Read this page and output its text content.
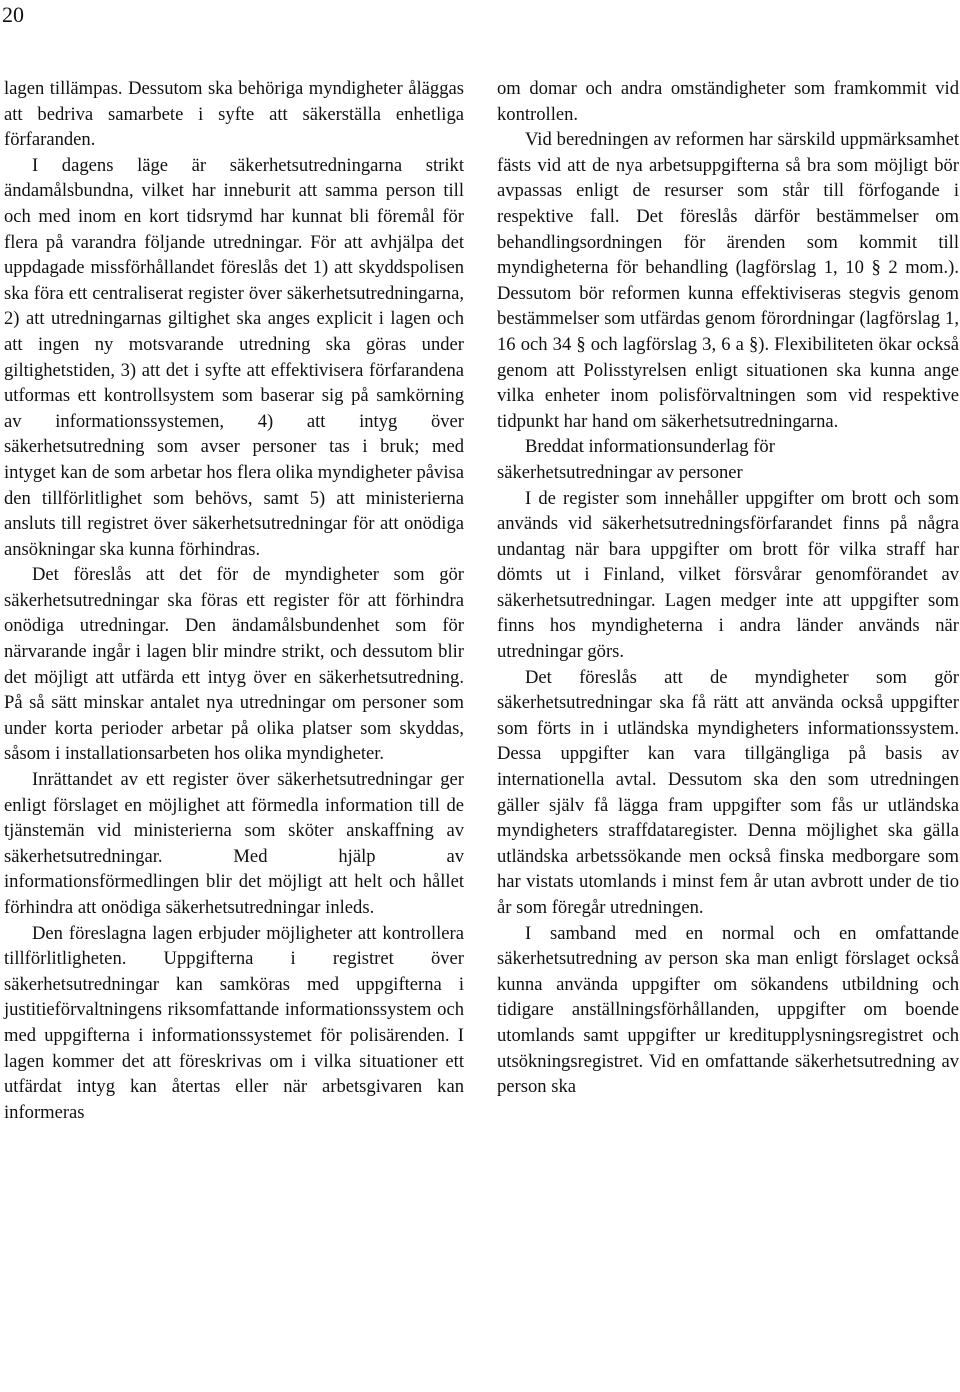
20

lagen tillämpas. Dessutom ska behöriga myndigheter åläggas att bedriva samarbete i syfte att säkerställa enhetliga förfaranden.

I dagens läge är säkerhetsutredningarna strikt ändamålsbundna, vilket har inneburit att samma person till och med inom en kort tidsrymd har kunnat bli föremål för flera på varandra följande utredningar. För att avhjälpa det uppdagade missförhållandet föreslås det 1) att skyddspolisen ska föra ett centraliserat register över säkerhetsutredningarna, 2) att utredningarnas giltighet ska anges explicit i lagen och att ingen ny motsvarande utredning ska göras under giltighetstiden, 3) att det i syfte att effektivisera förfarandena utformas ett kontrollsystem som baserar sig på samkörning av informationssystemen, 4) att intyg över säkerhetsutredning som avser personer tas i bruk; med intyget kan de som arbetar hos flera olika myndigheter påvisa den tillförlitlighet som behövs, samt 5) att ministerierna ansluts till registret över säkerhetsutredningar för att onödiga ansökningar ska kunna förhindras.

Det föreslås att det för de myndigheter som gör säkerhetsutredningar ska föras ett register för att förhindra onödiga utredningar. Den ändamålsbundenhet som för närvarande ingår i lagen blir mindre strikt, och dessutom blir det möjligt att utfärda ett intyg över en säkerhetsutredning. På så sätt minskar antalet nya utredningar om personer som under korta perioder arbetar på olika platser som skyddas, såsom i installationsarbeten hos olika myndigheter.

Inrättandet av ett register över säkerhetsutredningar ger enligt förslaget en möjlighet att förmedla information till de tjänstemän vid ministerierna som sköter anskaffning av säkerhetsutredningar. Med hjälp av informationsförmedlingen blir det möjligt att helt och hållet förhindra att onödiga säkerhetsutredningar inleds.

Den föreslagna lagen erbjuder möjligheter att kontrollera tillförlitligheten. Uppgifterna i registret över säkerhetsutredningar kan samköras med uppgifterna i justitieförvaltningens riksomfattande informationssystem och med uppgifterna i informationssystemet för polisärenden. I lagen kommer det att föreskrivas om i vilka situationer ett utfärdat intyg kan återtas eller när arbetsgivaren kan informeras

om domar och andra omständigheter som framkommit vid kontrollen.

Vid beredningen av reformen har särskild uppmärksamhet fästs vid att de nya arbetsuppgifterna så bra som möjligt bör avpassas enligt de resurser som står till förfogande i respektive fall. Det föreslås därför bestämmelser om behandlingsordningen för ärenden som kommit till myndigheterna för behandling (lagförslag 1, 10 § 2 mom.). Dessutom bör reformen kunna effektiviseras stegvis genom bestämmelser som utfärdas genom förordningar (lagförslag 1, 16 och 34 § och lagförslag 3, 6 a §). Flexibiliteten ökar också genom att Polisstyrelsen enligt situationen ska kunna ange vilka enheter inom polisförvaltningen som vid respektive tidpunkt har hand om säkerhetsutredningarna.

Breddat informationsunderlag för säkerhetsutredningar av personer

I de register som innehåller uppgifter om brott och som används vid säkerhetsutredningsförfarandet finns på några undantag när bara uppgifter om brott för vilka straff har dömts ut i Finland, vilket försvårar genomförandet av säkerhetsutredningar. Lagen medger inte att uppgifter som finns hos myndigheterna i andra länder används när utredningar görs.

Det föreslås att de myndigheter som gör säkerhetsutredningar ska få rätt att använda också uppgifter som förts in i utländska myndigheters informationssystem. Dessa uppgifter kan vara tillgängliga på basis av internationella avtal. Dessutom ska den som utredningen gäller själv få lägga fram uppgifter som fås ur utländska myndigheters straffdataregister. Denna möjlighet ska gälla utländska arbetssökande men också finska medborgare som har vistats utomlands i minst fem år utan avbrott under de tio år som föregår utredningen.

I samband med en normal och en omfattande säkerhetsutredning av person ska man enligt förslaget också kunna använda uppgifter om sökandens utbildning och tidigare anställningsförhållanden, uppgifter om boende utomlands samt uppgifter ur kreditupplysningsregistret och utsökningsregistret. Vid en omfattande säkerhetsutredning av person ska
